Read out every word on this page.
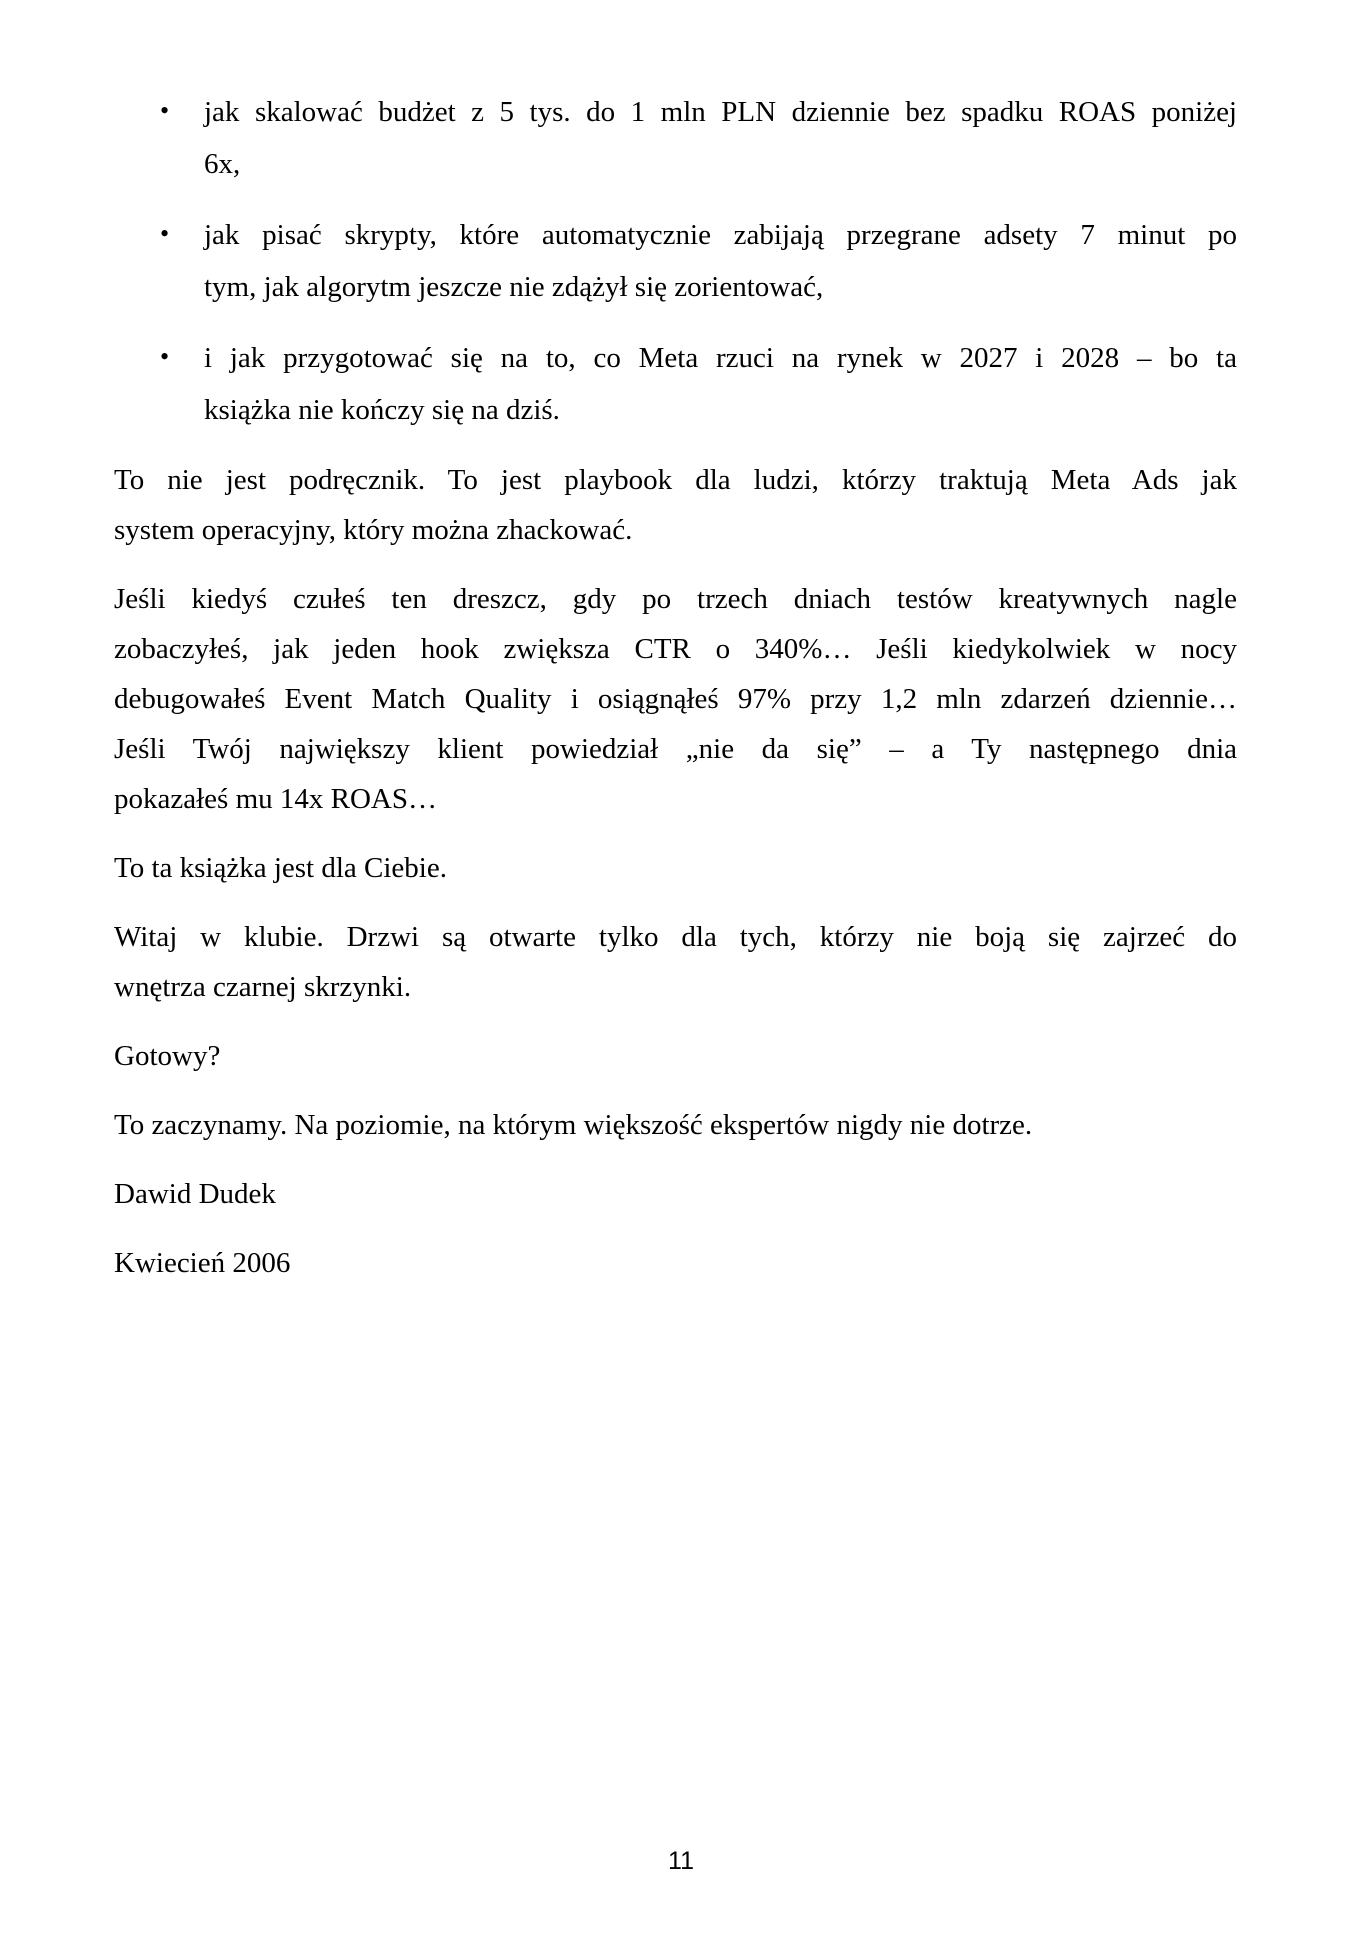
• jak skalować budżet z 5 tys. do 1 mln PLN dziennie bez spadku ROAS poniżej
6x,
• jak pisać skrypty, które automatycznie zabijają przegrane adsety 7 minut po
tym, jak algorytm jeszcze nie zdążył się zorientować,
• i jak przygotować się na to, co Meta rzuci na rynek w 2027 i 2028 – bo ta
książka nie kończy się na dziś.
To nie jest podręcznik. To jest playbook dla ludzi, którzy traktują Meta Ads jak
system operacyjny, który można zhackować.
Jeśli kiedyś czułeś ten dreszcz, gdy po trzech dniach testów kreatywnych nagle
zobaczyłeś, jak jeden hook zwiększa CTR o 340%… Jeśli kiedykolwiek w nocy
debugowałeś Event Match Quality i osiągnąłeś 97% przy 1,2 mln zdarzeń dziennie…
Jeśli Twój największy klient powiedział „nie da się” – a Ty następnego dnia
pokazałeś mu 14x ROAS…
To ta książka jest dla Ciebie.
Witaj w klubie. Drzwi są otwarte tylko dla tych, którzy nie boją się zajrzeć do
wnętrza czarnej skrzynki.
Gotowy?
To zaczynamy. Na poziomie, na którym większość ekspertów nigdy nie dotrze.
Dawid Dudek
Kwiecień 2006
11
